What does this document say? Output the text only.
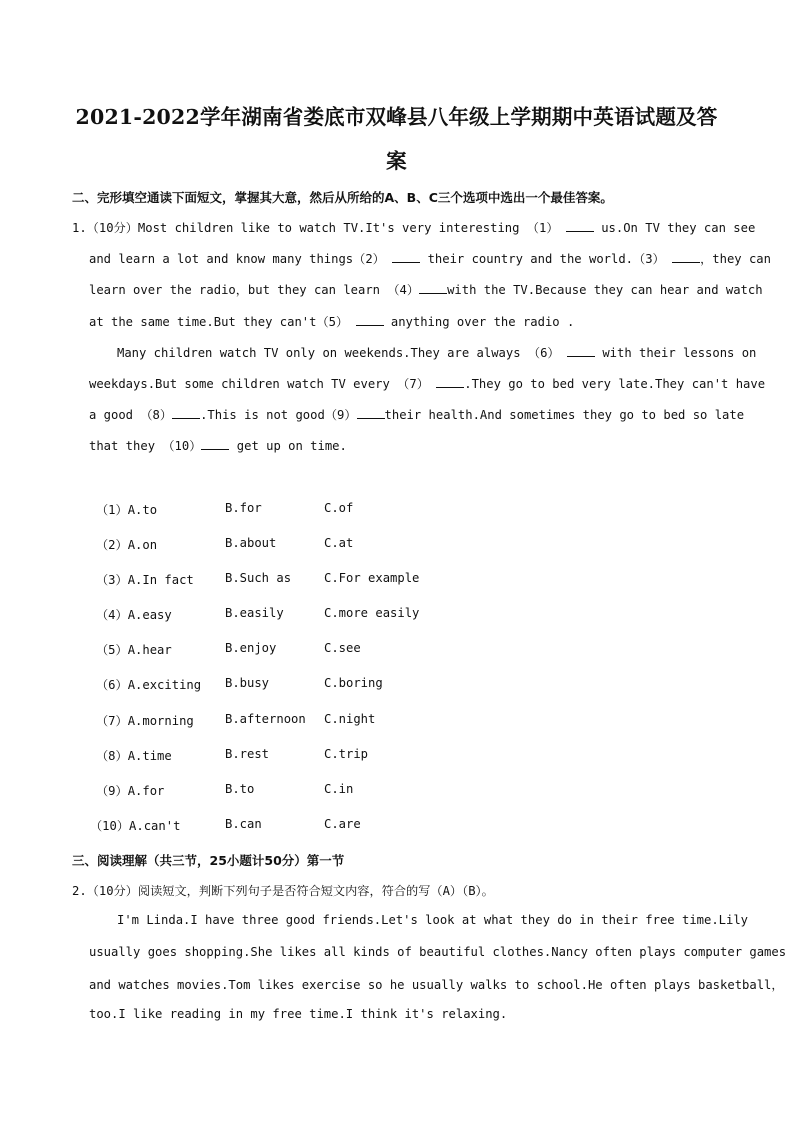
2021-2022学年湖南省娄底市双峰县八年级上学期期中英语试题及答
案
二、完形填空通读下面短文，掌握其大意，然后从所给的A、B、C三个选项中选出一个最佳答案。
1.（10分）Most children like to watch TV.It's very interesting （1）	us.On TV they can see
and learn a lot and know many things（2）	their country and the world.（3）	，they can
learn over the radio，but they can learn （4） with the TV.Because they can hear and watch
at the same time.But they can't（5）	anything over the radio .
Many children watch TV only on weekends.They are always （6）	with their lessons on
weekdays.But some children watch TV every （7）	.They go to bed very late.They can't have
a good （8） .This is not good（9） their health.And sometimes they go to bed so late
that they （10）	get up on time.
（1）A.to	B.for	C.of
（2）A.on	B.about	C.at
（3）A.In fact	B.Such as	C.For example
（4）A.easy	B.easily	C.more easily
（5）A.hear	B.enjoy	C.see
（6）A.exciting B.busy	C.boring
（7）A.morning	B.afternoon C.night
（8）A.time	B.rest	C.trip
（9）A.for	B.to	C.in
（10）A.can't	B.can	C.are
三、阅读理解（共三节，25小题计50分）第一节
2.（10分）阅读短文，判断下列句子是否符合短文内容，符合的写（A）（B）。
I'm Linda.I have three good friends.Let's look at what they do in their free time.Lily
usually goes shopping.She likes all kinds of beautiful clothes.Nancy often plays computer games
and watches movies.Tom likes exercise so he usually walks to school.He often plays basketball，
too.I like reading in my free time.I think it's relaxing.
